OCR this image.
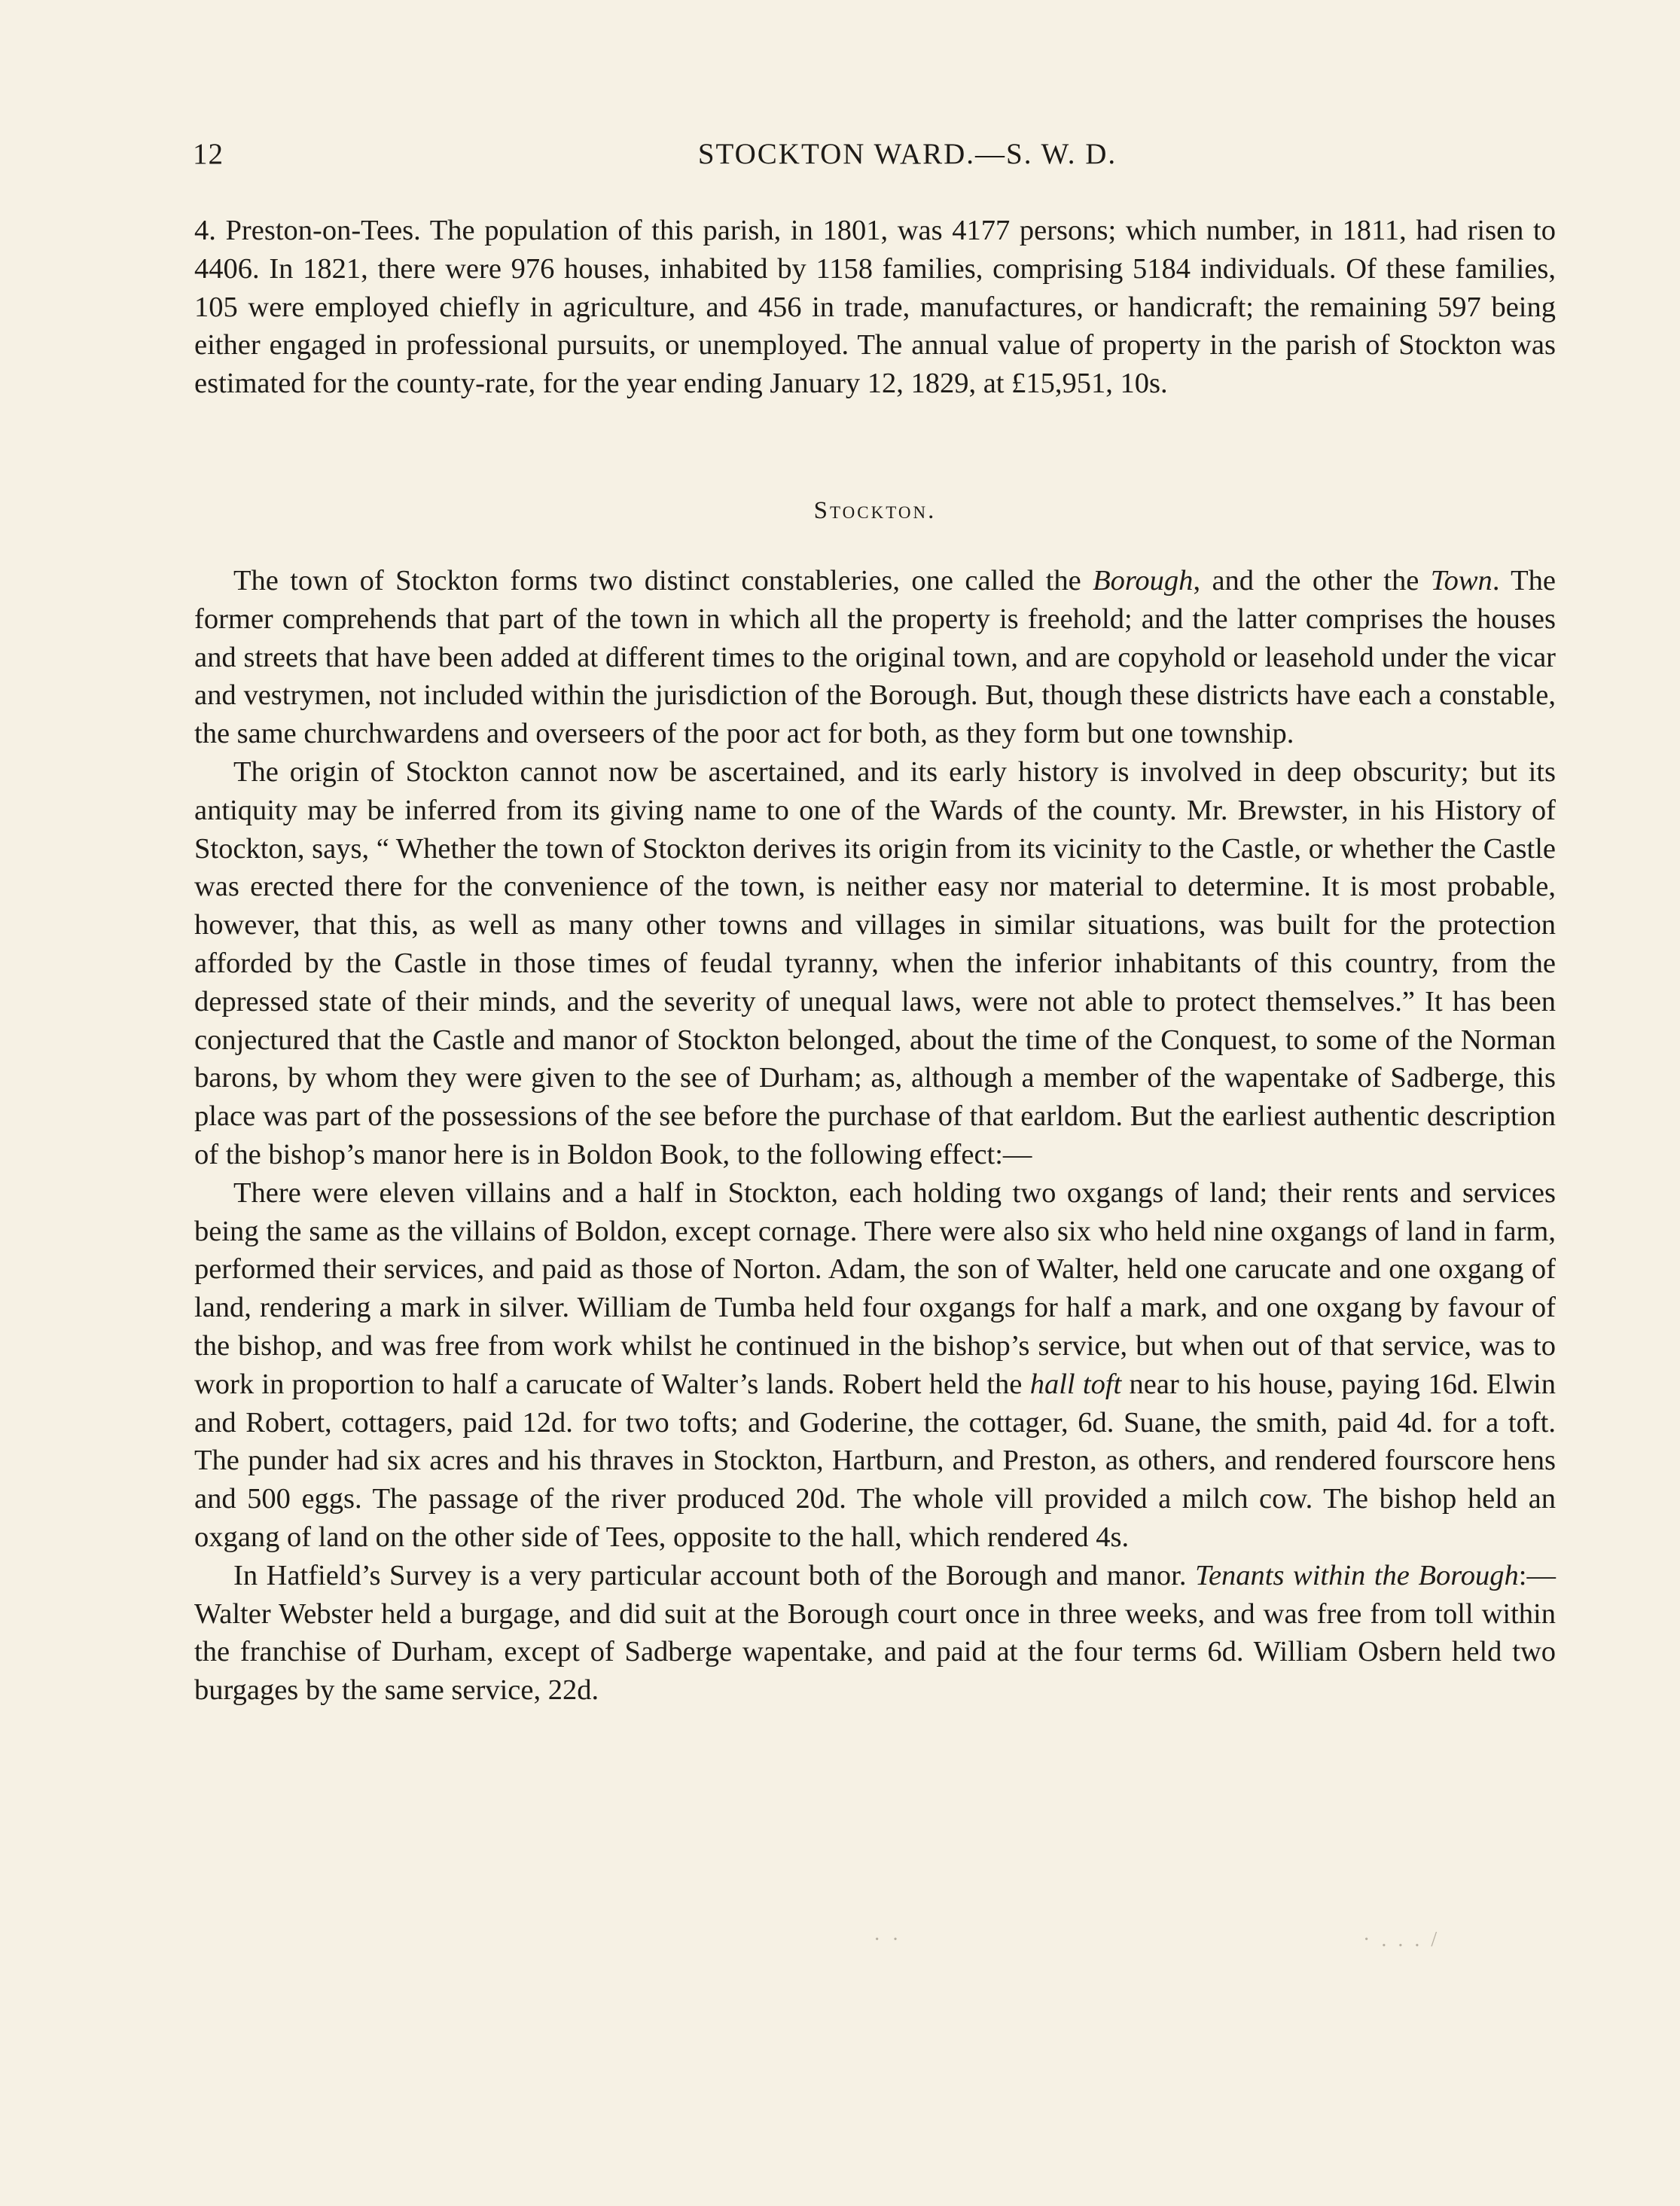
12	STOCKTON WARD.—S. W. D.

4. Preston-on-Tees. The population of this parish, in 1801, was 4177 persons; which number, in 1811, had risen to 4406. In 1821, there were 976 houses, inhabited by 1158 families, comprising 5184 individuals. Of these families, 105 were employed chiefly in agriculture, and 456 in trade, manufactures, or handicraft; the remaining 597 being either engaged in professional pursuits, or unemployed. The annual value of property in the parish of Stockton was estimated for the county-rate, for the year ending January 12, 1829, at £15,951, 10s.

Stockton.

The town of Stockton forms two distinct constableries, one called the Borough, and the other the Town. The former comprehends that part of the town in which all the property is freehold; and the latter comprises the houses and streets that have been added at different times to the original town, and are copyhold or leasehold under the vicar and vestrymen, not included within the jurisdiction of the Borough. But, though these districts have each a constable, the same churchwardens and overseers of the poor act for both, as they form but one township.

The origin of Stockton cannot now be ascertained, and its early history is involved in deep obscurity; but its antiquity may be inferred from its giving name to one of the Wards of the county. Mr. Brewster, in his History of Stockton, says, “ Whether the town of Stockton derives its origin from its vicinity to the Castle, or whether the Castle was erected there for the convenience of the town, is neither easy nor material to determine. It is most probable, however, that this, as well as many other towns and villages in similar situations, was built for the protection afforded by the Castle in those times of feudal tyranny, when the inferior inhabitants of this country, from the depressed state of their minds, and the severity of unequal laws, were not able to protect themselves.” It has been conjectured that the Castle and manor of Stockton belonged, about the time of the Conquest, to some of the Norman barons, by whom they were given to the see of Durham; as, although a member of the wapentake of Sadberge, this place was part of the possessions of the see before the purchase of that earldom. But the earliest authentic description of the bishop’s manor here is in Boldon Book, to the following effect:—

There were eleven villains and a half in Stockton, each holding two oxgangs of land; their rents and services being the same as the villains of Boldon, except cornage. There were also six who held nine oxgangs of land in farm, performed their services, and paid as those of Norton. Adam, the son of Walter, held one carucate and one oxgang of land, rendering a mark in silver. William de Tumba held four oxgangs for half a mark, and one oxgang by favour of the bishop, and was free from work whilst he continued in the bishop’s service, but when out of that service, was to work in proportion to half a carucate of Walter’s lands. Robert held the hall toft near to his house, paying 16d. Elwin and Robert, cottagers, paid 12d. for two tofts; and Goderine, the cottager, 6d. Suane, the smith, paid 4d. for a toft. The punder had six acres and his thraves in Stockton, Hartburn, and Preston, as others, and rendered fourscore hens and 500 eggs. The passage of the river produced 20d. The whole vill provided a milch cow. The bishop held an oxgang of land on the other side of Tees, opposite to the hall, which rendered 4s.

In Hatfield’s Survey is a very particular account both of the Borough and manor. Tenants within the Borough:—Walter Webster held a burgage, and did suit at the Borough court once in three weeks, and was free from toll within the franchise of Durham, except of Sadberge wapentake, and paid at the four terms 6d. William Osbern held two burgages by the same service, 22d.

· ·	· . . . /
